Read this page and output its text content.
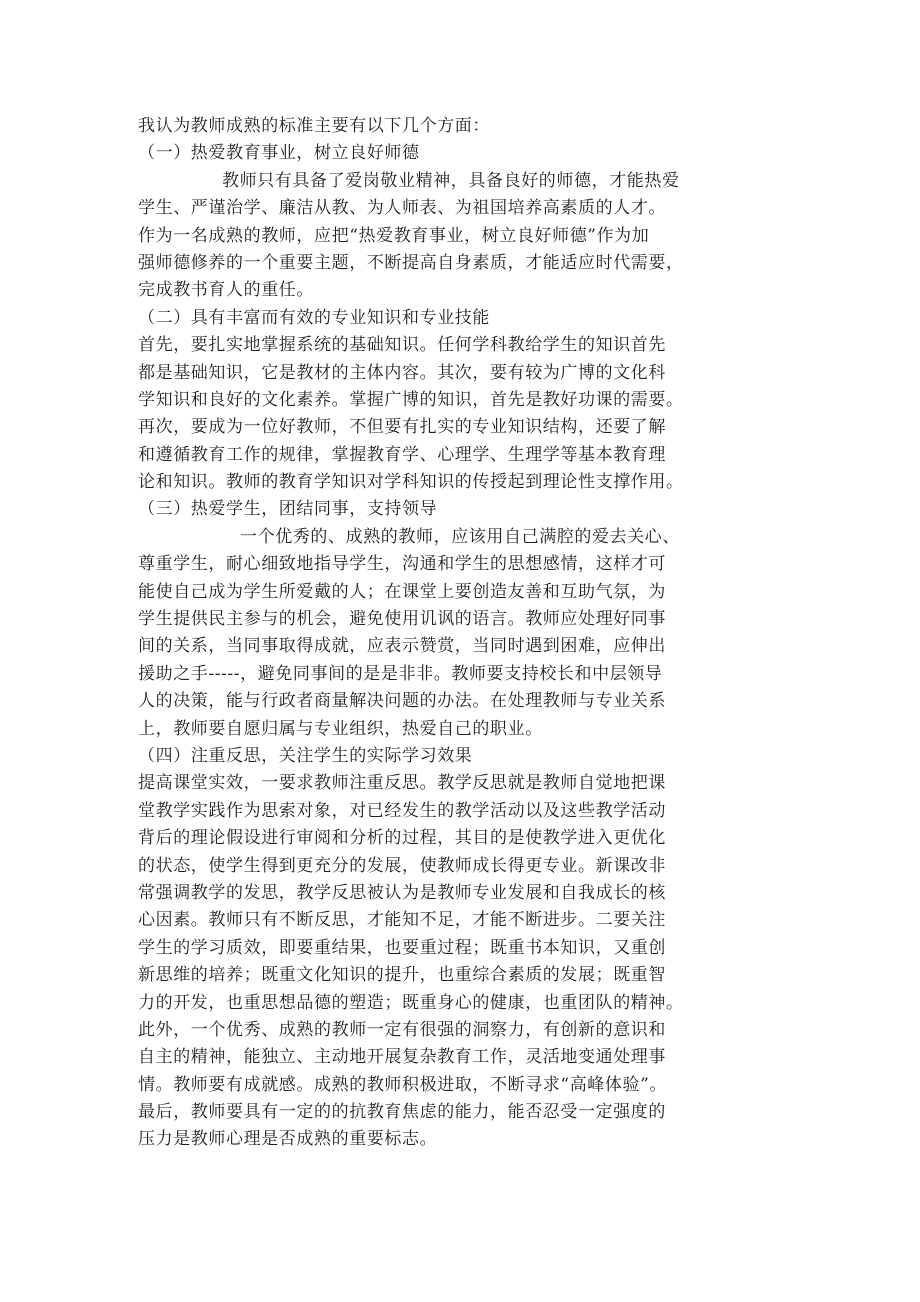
我认为教师成熟的标准主要有以下几个方面：
（一）热爱教育事业，树立良好师德
教师只有具备了爱岗敬业精神，具备良好的师德，才能热爱
学生、严谨治学、廉洁从教、为人师表、为祖国培养高素质的人才。
作为一名成熟的教师，应把“热爱教育事业，树立良好师德”作为加
强师德修养的一个重要主题，不断提高自身素质，才能适应时代需要，
完成教书育人的重任。
（二）具有丰富而有效的专业知识和专业技能
首先，要扎实地掌握系统的基础知识。任何学科教给学生的知识首先
都是基础知识，它是教材的主体内容。其次，要有较为广博的文化科
学知识和良好的文化素养。掌握广博的知识，首先是教好功课的需要。
再次，要成为一位好教师，不但要有扎实的专业知识结构，还要了解
和遵循教育工作的规律，掌握教育学、心理学、生理学等基本教育理
论和知识。教师的教育学知识对学科知识的传授起到理论性支撑作用。
（三）热爱学生，团结同事，支持领导
一个优秀的、成熟的教师，应该用自己满腔的爱去关心、
尊重学生，耐心细致地指导学生，沟通和学生的思想感情，这样才可
能使自己成为学生所爱戴的人；在课堂上要创造友善和互助气氛，为
学生提供民主参与的机会，避免使用讥讽的语言。教师应处理好同事
间的关系，当同事取得成就，应表示赞赏，当同时遇到困难，应伸出
援助之手-----，避免同事间的是是非非。教师要支持校长和中层领导
人的决策，能与行政者商量解决问题的办法。在处理教师与专业关系
上，教师要自愿归属与专业组织，热爱自己的职业。
（四）注重反思，关注学生的实际学习效果
提高课堂实效，一要求教师注重反思。教学反思就是教师自觉地把课
堂教学实践作为思索对象，对已经发生的教学活动以及这些教学活动
背后的理论假设进行审阅和分析的过程，其目的是使教学进入更优化
的状态，使学生得到更充分的发展，使教师成长得更专业。新课改非
常强调教学的发思，教学反思被认为是教师专业发展和自我成长的核
心因素。教师只有不断反思，才能知不足，才能不断进步。二要关注
学生的学习质效，即要重结果，也要重过程；既重书本知识，又重创
新思维的培养；既重文化知识的提升，也重综合素质的发展；既重智
力的开发，也重思想品德的塑造；既重身心的健康，也重团队的精神。
此外，一个优秀、成熟的教师一定有很强的洞察力，有创新的意识和
自主的精神，能独立、主动地开展复杂教育工作，灵活地变通处理事
情。教师要有成就感。成熟的教师积极进取，不断寻求“高峰体验”。
最后，教师要具有一定的的抗教育焦虑的能力，能否忍受一定强度的
压力是教师心理是否成熟的重要标志。
